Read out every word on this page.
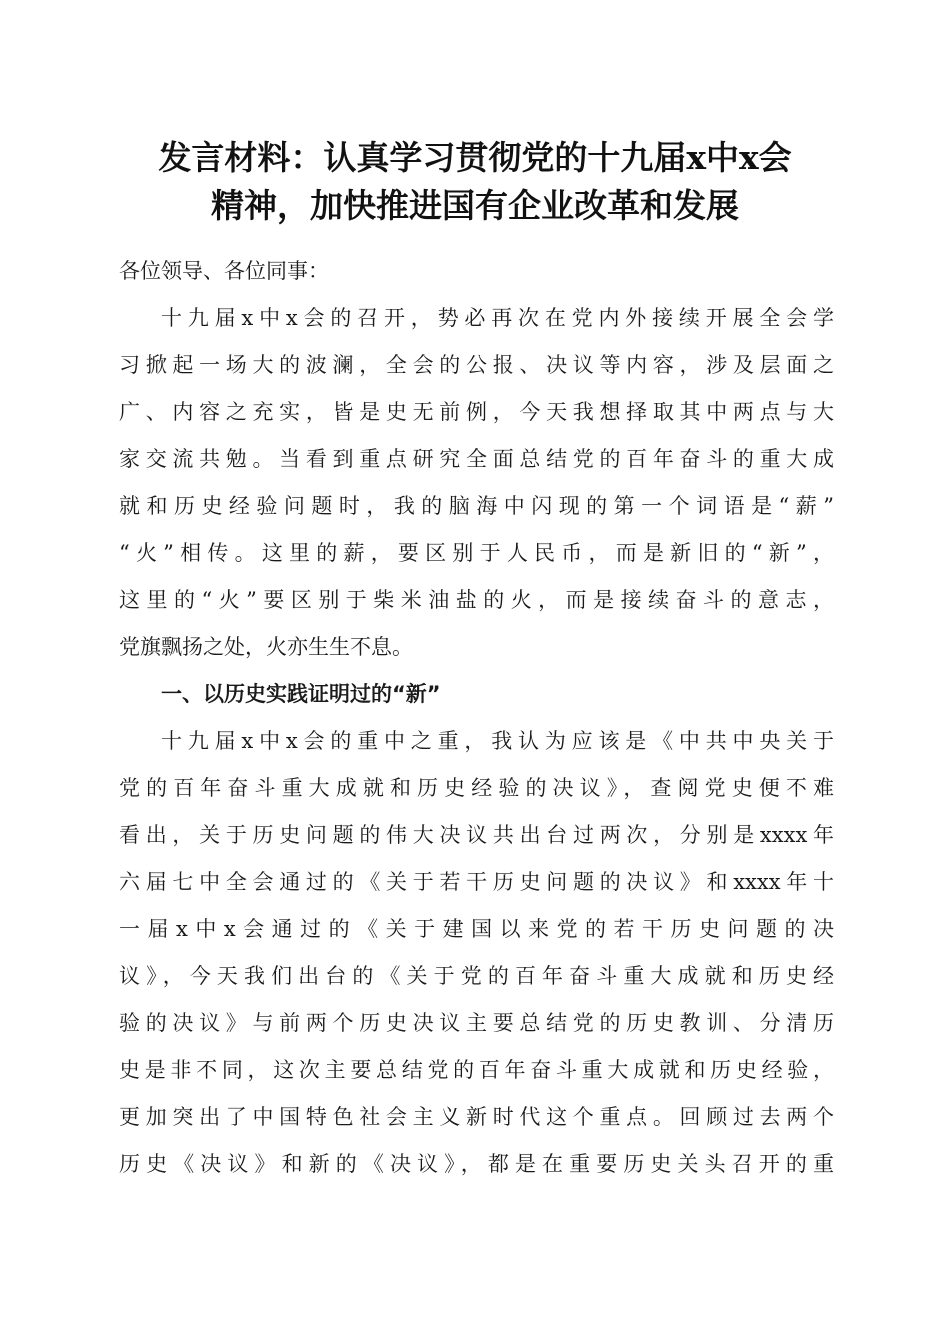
发言材料：认真学习贯彻党的十九届x中x会
精神，加快推进国有企业改革和发展
各位领导、各位同事：
十九届x中x会的召开，势必再次在党内外接续开展全会学
习掀起一场大的波澜，全会的公报、决议等内容，涉及层面之
广、内容之充实，皆是史无前例，今天我想择取其中两点与大
家交流共勉。当看到重点研究全面总结党的百年奋斗的重大成
就和历史经验问题时，我的脑海中闪现的第一个词语是“薪”
“火”相传。这里的薪，要区别于人民币，而是新旧的“新”，
这里的“火”要区别于柴米油盐的火，而是接续奋斗的意志，
党旗飘扬之处，火亦生生不息。
一、以历史实践证明过的“新”
十九届x中x会的重中之重，我认为应该是《中共中央关于
党的百年奋斗重大成就和历史经验的决议》，查阅党史便不难
看出，关于历史问题的伟大决议共出台过两次，分别是xxxx年
六届七中全会通过的《关于若干历史问题的决议》和xxxx年十
一届x中x会通过的《关于建国以来党的若干历史问题的决
议》，今天我们出台的《关于党的百年奋斗重大成就和历史经
验的决议》与前两个历史决议主要总结党的历史教训、分清历
史是非不同，这次主要总结党的百年奋斗重大成就和历史经验，
更加突出了中国特色社会主义新时代这个重点。回顾过去两个
历史《决议》和新的《决议》，都是在重要历史关头召开的重
